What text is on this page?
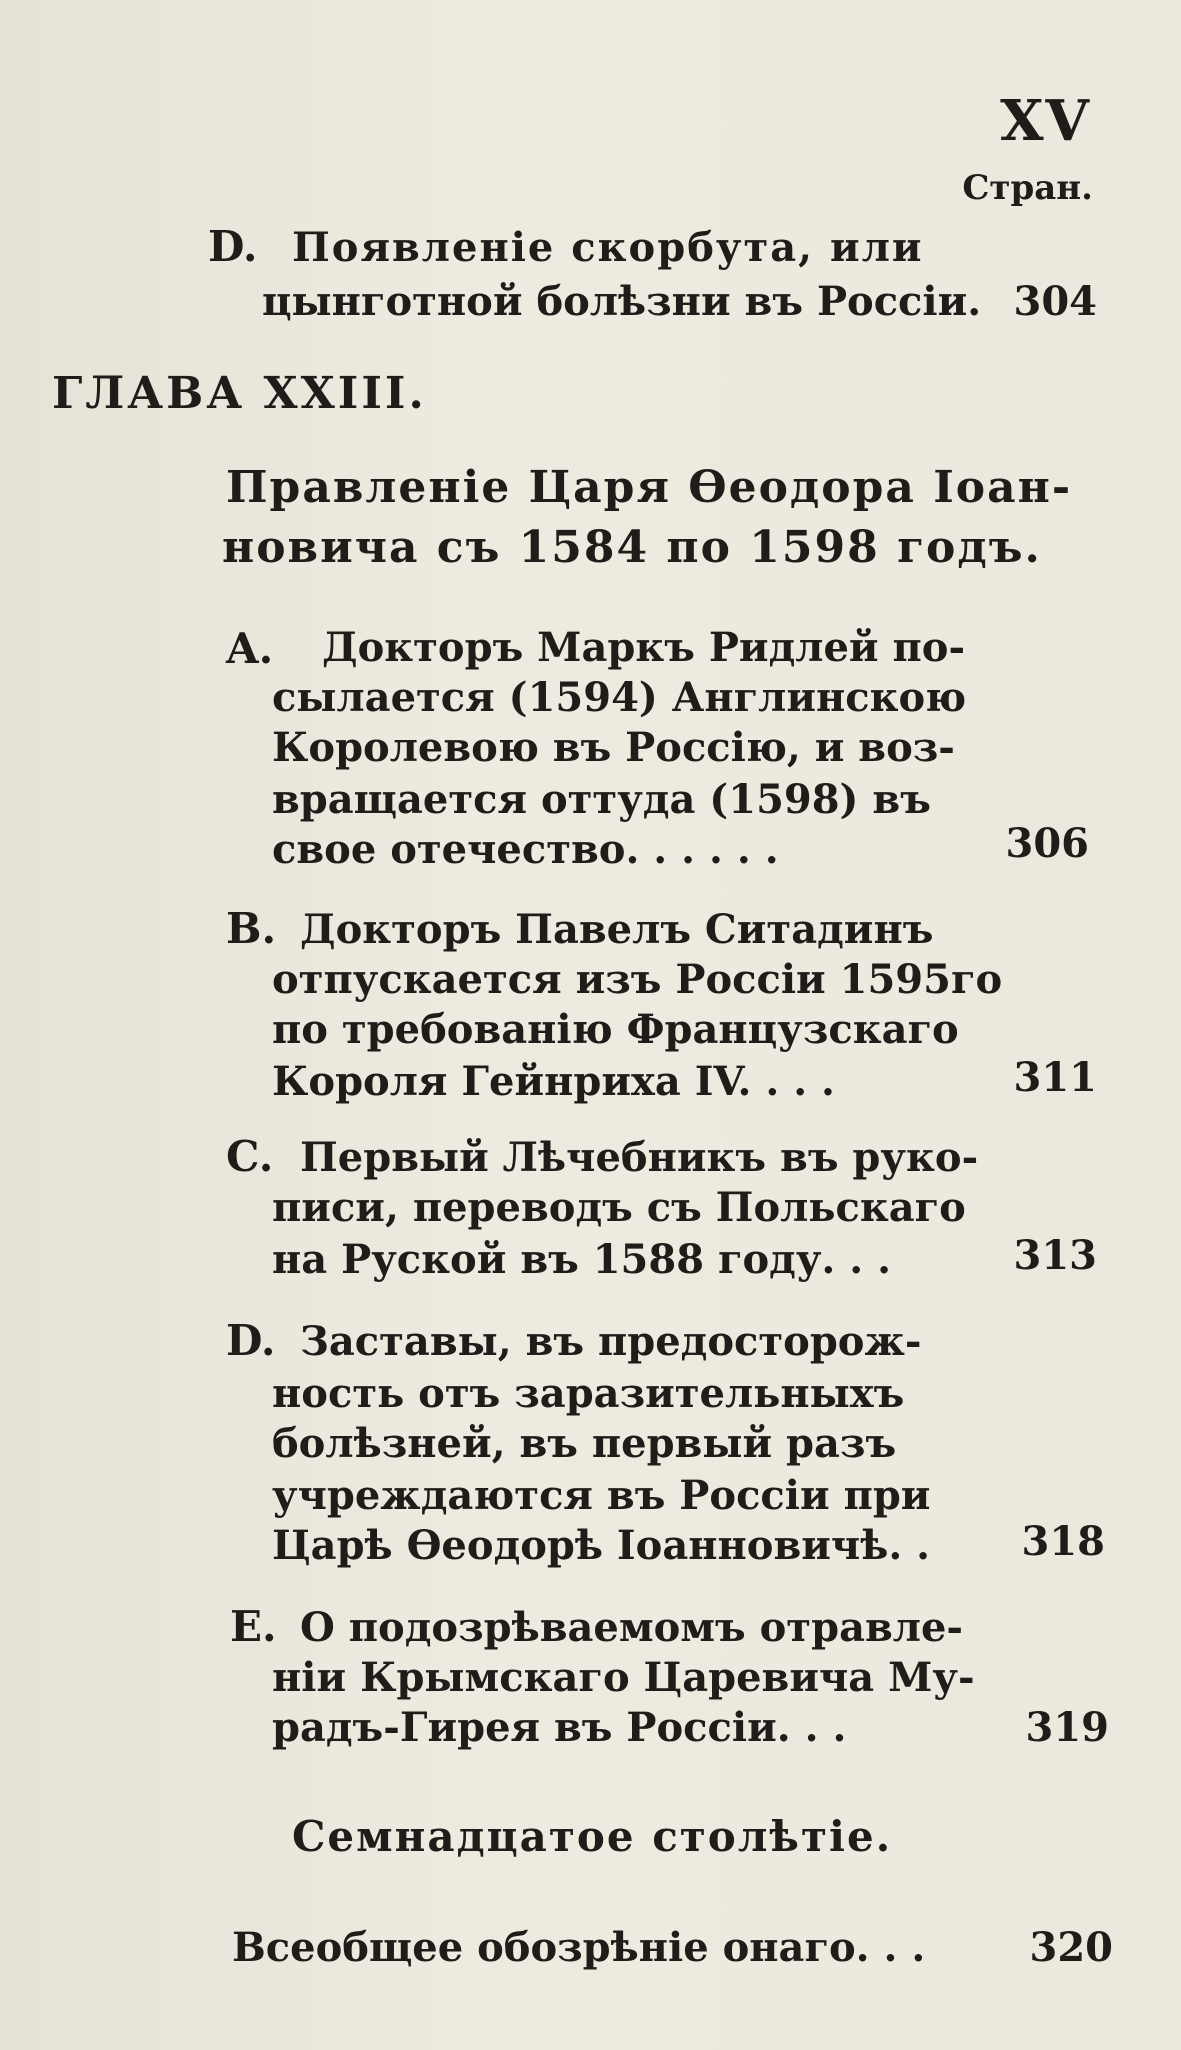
XV
Стран.
D. Появленіе скорбута, или
цынготной болѣзни въ Россіи. 304
ГЛАВА XXIII.
Правленіе Царя Ѳеодора Іоан-
новича съ 1584 по 1598 годъ.
A. Докторъ Маркъ Ридлей по-
сылается (1594) Англинскою
Королевою въ Россію, и воз-
вращается оттуда (1598) въ
свое отечество. . . . . .	306
B. Докторъ Павелъ Ситадинъ
отпускается изъ Россіи 1595го
по требованію Французскаго
Короля Гейнриха IV. . . .	311
C. Первый Лѣчебникъ въ руко-
писи, переводъ съ Польскаго
на Руской въ 1588 году. . .	313
D. Заставы, въ предосторож-
ность отъ заразительныхъ
болѣзней, въ первый разъ
учреждаются въ Россіи при
Царѣ Ѳеодорѣ Іоанновичѣ. . 318
E. О подозрѣваемомъ отравле-
ніи Крымскаго Царевича Му-
радъ-Гирея въ Россіи. . .	319
Семнадцатое столѣтіе.
Всеобщее обозрѣніе онаго. . .	320
